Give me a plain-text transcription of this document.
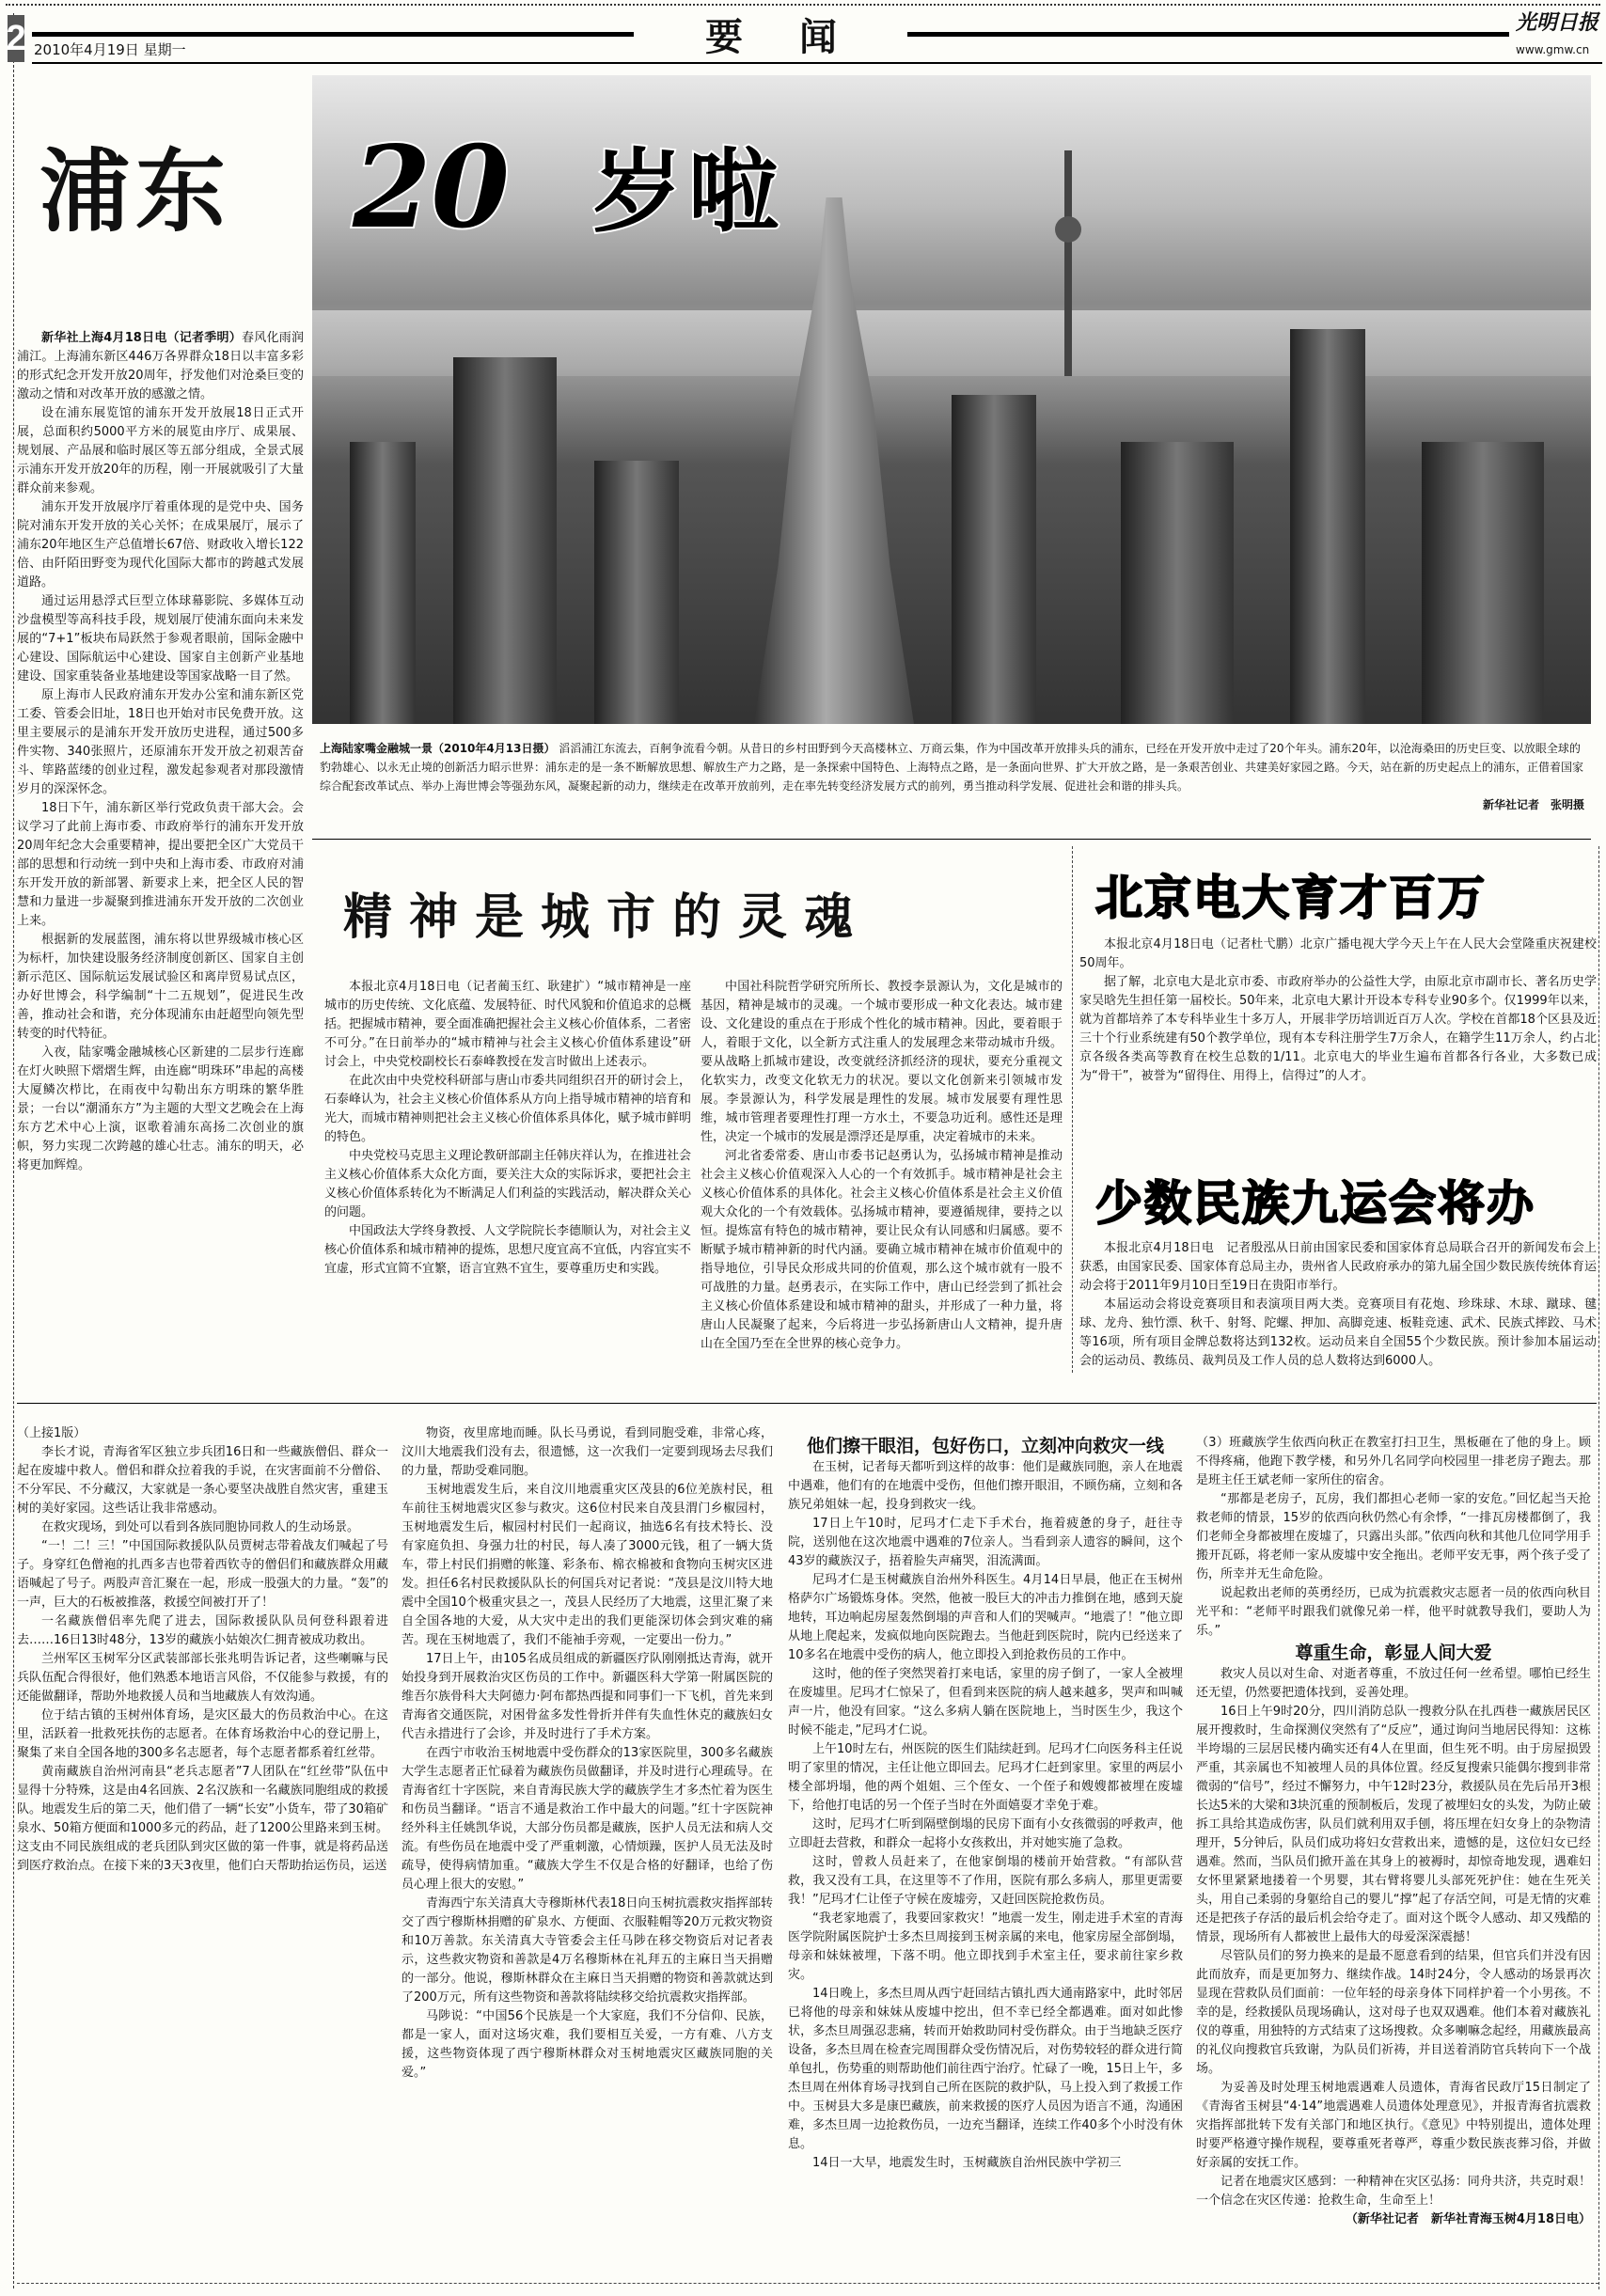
2 2010年4月19日 星期一	要闻	光明日报
www.gmw.cn
浦东 20 岁啦

新华社上海4月18日电（记者季明）春风化雨润浦江。上海浦东新区446万各界群众18日以丰富多彩的形式纪念开发开放20周年，抒发他们对沧桑巨变的激动之情和对改革开放的感激之情。

设在浦东展览馆的浦东开发开放展18日正式开展，总面积约5000平方米的展览由序厅、成果展、规划展、产品展和临时展区等五部分组成，全景式展示浦东开发开放20年的历程，刚一开展就吸引了大量群众前来参观。

浦东开发开放展序厅着重体现的是党中央、国务院对浦东开发开放的关心关怀；在成果展厅，展示了浦东20年地区生产总值增长67倍、财政收入增长122倍、由阡陌田野变为现代化国际大都市的跨越式发展道路。

通过运用悬浮式巨型立体球幕影院、多媒体互动沙盘模型等高科技手段，规划展厅使浦东面向未来发展的“7+1”板块布局跃然于参观者眼前，国际金融中心建设、国际航运中心建设、国家自主创新产业基地建设、国家重装备业基地建设等国家战略一目了然。

原上海市人民政府浦东开发办公室和浦东新区党工委、管委会旧址，18日也开始对市民免费开放。这里主要展示的是浦东开发开放历史进程，通过500多件实物、340张照片，还原浦东开发开放之初艰苦奋斗、筚路蓝缕的创业过程，激发起参观者对那段激情岁月的深深怀念。

18日下午，浦东新区举行党政负责干部大会。会议学习了此前上海市委、市政府举行的浦东开发开放20周年纪念大会重要精神，提出要把全区广大党员干部的思想和行动统一到中央和上海市委、市政府对浦东开发开放的新部署、新要求上来，把全区人民的智慧和力量进一步凝聚到推进浦东开发开放的二次创业上来。

根据新的发展蓝图，浦东将以世界级城市核心区为标杆，加快建设服务经济制度创新区、国家自主创新示范区、国际航运发展试验区和离岸贸易试点区，办好世博会，科学编制“十二五规划”，促进民生改善，推动社会和谐，充分体现浦东由赶超型向领先型转变的时代特征。

入夜，陆家嘴金融城核心区新建的二层步行连廊在灯火映照下熠熠生辉，由连廊“明珠环”串起的高楼大厦鳞次栉比，在雨夜中勾勒出东方明珠的繁华胜景；一台以“潮涌东方”为主题的大型文艺晚会在上海东方艺术中心上演，讴歌着浦东高扬二次创业的旗帜，努力实现二次跨越的雄心壮志。浦东的明天，必将更加辉煌。

上海陆家嘴金融城一景（2010年4月13日摄） 滔滔浦江东流去，百舸争流看今朝。从昔日的乡村田野到今天高楼林立、万商云集，作为中国改革开放排头兵的浦东，已经在开发开放中走过了20个年头。浦东20年，以沧海桑田的历史巨变、以放眼全球的豹勃雄心、以永无止境的创新活力昭示世界：浦东走的是一条不断解放思想、解放生产力之路，是一条探索中国特色、上海特点之路，是一条面向世界、扩大开放之路，是一条艰苦创业、共建美好家园之路。今天，站在新的历史起点上的浦东，正借着国家综合配套改革试点、举办上海世博会等强劲东风，凝聚起新的动力，继续走在改革开放前列，走在率先转变经济发展方式的前列，勇当推动科学发展、促进社会和谐的排头兵。
新华社记者　张明摄
精神是城市的灵魂

本报北京4月18日电（记者蔺玉红、耿建扩）“城市精神是一座城市的历史传统、文化底蕴、发展特征、时代风貌和价值追求的总概括。把握城市精神，要全面准确把握社会主义核心价值体系，二者密不可分。”在日前举办的“城市精神与社会主义核心价值体系建设”研讨会上，中央党校副校长石泰峰教授在发言时做出上述表示。

在此次由中央党校科研部与唐山市委共同组织召开的研讨会上，石泰峰认为，社会主义核心价值体系从方向上指导城市精神的培育和光大，而城市精神则把社会主义核心价值体系具体化，赋予城市鲜明的特色。

中央党校马克思主义理论教研部副主任韩庆祥认为，在推进社会主义核心价值体系大众化方面，要关注大众的实际诉求，要把社会主义核心价值体系转化为不断满足人们利益的实践活动，解决群众关心的问题。

中国政法大学终身教授、人文学院院长李德顺认为，对社会主义核心价值体系和城市精神的提炼，思想尺度宜高不宜低，内容宜实不宜虚，形式宜简不宜繁，语言宜熟不宜生，要尊重历史和实践。

中国社科院哲学研究所所长、教授李景源认为，文化是城市的基因，精神是城市的灵魂。一个城市要形成一种文化表达。城市建设、文化建设的重点在于形成个性化的城市精神。因此，要着眼于人，着眼于文化，以全新方式注重人的发展理念来带动城市升级。要从战略上抓城市建设，改变就经济抓经济的现状，要充分重视文化软实力，改变文化软无力的状况。要以文化创新来引领城市发展。李景源认为，科学发展是理性的发展。城市发展要有理性思维，城市管理者要理性打理一方水土，不要急功近利。感性还是理性，决定一个城市的发展是漂浮还是厚重，决定着城市的未来。

河北省委常委、唐山市委书记赵勇认为，弘扬城市精神是推动社会主义核心价值观深入人心的一个有效抓手。城市精神是社会主义核心价值体系的具体化。社会主义核心价值体系是社会主义价值观大众化的一个有效载体。弘扬城市精神，要遵循规律，要持之以恒。提炼富有特色的城市精神，要让民众有认同感和归属感。要不断赋予城市精神新的时代内涵。要确立城市精神在城市价值观中的指导地位，引导民众形成共同的价值观，那么这个城市就有一股不可战胜的力量。赵勇表示，在实际工作中，唐山已经尝到了抓社会主义核心价值体系建设和城市精神的甜头，并形成了一种力量，将唐山人民凝聚了起来，今后将进一步弘扬新唐山人文精神，提升唐山在全国乃至在全世界的核心竞争力。

北京电大育才百万

本报北京4月18日电（记者杜弋鹏）北京广播电视大学今天上午在人民大会堂隆重庆祝建校50周年。

据了解，北京电大是北京市委、市政府举办的公益性大学，由原北京市副市长、著名历史学家吴晗先生担任第一届校长。50年来，北京电大累计开设本专科专业90多个。仅1999年以来，就为首都培养了本专科毕业生十多万人，开展非学历培训近百万人次。学校在首都18个区县及近三十个行业系统建有50个教学单位，现有本专科注册学生7万余人，在籍学生11万余人，约占北京各级各类高等教育在校生总数的1/11。北京电大的毕业生遍布首都各行各业，大多数已成为“骨干”，被誉为“留得住、用得上，信得过”的人才。

少数民族九运会将办

本报北京4月18日电　记者殷泓从日前由国家民委和国家体育总局联合召开的新闻发布会上获悉，由国家民委、国家体育总局主办，贵州省人民政府承办的第九届全国少数民族传统体育运动会将于2011年9月10日至19日在贵阳市举行。

本届运动会将设竞赛项目和表演项目两大类。竞赛项目有花炮、珍珠球、木球、蹴球、毽球、龙舟、独竹漂、秋千、射弩、陀螺、押加、高脚竞速、板鞋竞速、武术、民族式摔跤、马术等16项，所有项目金牌总数将达到132枚。运动员来自全国55个少数民族。预计参加本届运动会的运动员、教练员、裁判员及工作人员的总人数将达到6000人。

（上接1版）

李长才说，青海省军区独立步兵团16日和一些藏族僧侣、群众一起在废墟中救人。僧侣和群众拉着我的手说，在灾害面前不分僧俗、不分军民、不分藏汉，大家就是一条心要坚决战胜自然灾害，重建玉树的美好家园。这些话让我非常感动。

在救灾现场，到处可以看到各族同胞协同救人的生动场景。

“一！二！三！”中国国际救援队队员贾树志带着战友们喊起了号子。身穿红色僧袍的扎西多吉也带着西钦寺的僧侣们和藏族群众用藏语喊起了号子。两股声音汇聚在一起，形成一股强大的力量。“轰”的一声，巨大的石板被推落，救援空间被打开了！

一名藏族僧侣率先爬了进去，国际救援队队员何登科跟着进去……16日13时48分，13岁的藏族小姑娘次仁拥青被成功救出。

兰州军区玉树军分区武装部部长张兆明告诉记者，这些喇嘛与民兵队伍配合得很好，他们熟悉本地语言风俗，不仅能参与救援，有的还能做翻译，帮助外地救援人员和当地藏族人有效沟通。

位于结古镇的玉树州体育场，是灾区最大的伤员救治中心。在这里，活跃着一批救死扶伤的志愿者。在体育场救治中心的登记册上，聚集了来自全国各地的300多名志愿者，每个志愿者都系着红丝带。

黄南藏族自治州河南县“老兵志愿者”7人团队在“红丝带”队伍中显得十分特殊，这是由4名回族、2名汉族和一名藏族同胞组成的救援队。地震发生后的第二天，他们借了一辆“长安”小货车，带了30箱矿泉水、50箱方便面和1000多元的药品，赶了1200公里路来到玉树。这支由不同民族组成的老兵团队到灾区做的第一件事，就是将药品送到医疗救治点。在接下来的3天3夜里，他们白天帮助抬运伤员，运送

物资，夜里席地而睡。队长马勇说，看到同胞受难，非常心疼，汶川大地震我们没有去，很遗憾，这一次我们一定要到现场去尽我们的力量，帮助受难同胞。

玉树地震发生后，来自汶川地震重灾区茂县的6位羌族村民，租车前往玉树地震灾区参与救灾。这6位村民来自茂县渭门乡椒园村，玉树地震发生后，椒园村村民们一起商议，抽选6名有技术特长、没有家庭负担、身强力壮的村民，每人凑了3000元钱，租了一辆大货车，带上村民们捐赠的帐篷、彩条布、棉衣棉被和食物向玉树灾区进发。担任6名村民救援队队长的何国兵对记者说：“茂县是汶川特大地震中全国10个极重灾县之一，茂县人民经历了大地震，这里汇聚了来自全国各地的大爱，从大灾中走出的我们更能深切体会到灾难的痛苦。现在玉树地震了，我们不能袖手旁观，一定要出一份力。”

17日上午，由105名成员组成的新疆医疗队刚刚抵达青海，就开始投身到开展救治灾区伤员的工作中。新疆医科大学第一附属医院的维吾尔族骨科大夫阿德力·阿布都热西提和同事们一下飞机，首先来到青海省交通医院，对困骨盆多发性骨折并伴有失血性休克的藏族妇女代吉永措进行了会诊，并及时进行了手术方案。

在西宁市收治玉树地震中受伤群众的13家医院里，300多名藏族大学生志愿者正忙碌着为藏族伤员做翻译，并及时进行心理疏导。在青海省红十字医院，来自青海民族大学的藏族学生才多杰忙着为医生和伤员当翻译。“语言不通是救治工作中最大的问题。”红十字医院神经外科主任姚凯华说，大部分伤员都是藏族，医护人员无法和病人交流。有些伤员在地震中受了严重刺激，心情烦躁，医护人员无法及时疏导，使得病情加重。“藏族大学生不仅是合格的好翻译，也给了伤员心理上很大的安慰。”

青海西宁东关清真大寺穆斯林代表18日向玉树抗震救灾指挥部转交了西宁穆斯林捐赠的矿泉水、方便面、衣服鞋帽等20万元救灾物资和10万善款。东关清真大寺管委会主任马陟在移交物资后对记者表示，这些救灾物资和善款是4万名穆斯林在礼拜五的主麻日当天捐赠的一部分。他说，穆斯林群众在主麻日当天捐赠的物资和善款就达到了200万元，所有这些物资和善款将陆续移交给抗震救灾指挥部。

马陟说：“中国56个民族是一个大家庭，我们不分信仰、民族，都是一家人，面对这场灾难，我们要相互关爱，一方有难、八方支援，这些物资体现了西宁穆斯林群众对玉树地震灾区藏族同胞的关爱。”

他们擦干眼泪，包好伤口，立刻冲向救灾一线

在玉树，记者每天都听到这样的故事：他们是藏族同胞，亲人在地震中遇难，他们有的在地震中受伤，但他们擦开眼泪，不顾伤痛，立刻和各族兄弟姐妹一起，投身到救灾一线。

17日上午10时，尼玛才仁走下手术台，拖着疲惫的身子，赶往寺院，送别他在这次地震中遇难的7位亲人。当看到亲人遗容的瞬间，这个43岁的藏族汉子，捂着脸失声痛哭，泪流满面。

尼玛才仁是玉树藏族自治州外科医生。4月14日早晨，他正在玉树州格萨尔广场锻炼身体。突然，他被一股巨大的冲击力推倒在地，感到天旋地转，耳边响起房屋轰然倒塌的声音和人们的哭喊声。“地震了！”他立即从地上爬起来，发疯似地向医院跑去。当他赶到医院时，院内已经送来了10多名在地震中受伤的病人，他立即投入到抢救伤员的工作中。

这时，他的侄子突然哭着打来电话，家里的房子倒了，一家人全被埋在废墟里。尼玛才仁惊呆了，但看到来医院的病人越来越多，哭声和叫喊声一片，他没有回家。“这么多病人躺在医院地上，当时医生少，我这个时候不能走，”尼玛才仁说。

上午10时左右，州医院的医生们陆续赶到。尼玛才仁向医务科主任说明了家里的情况，主任让他立即回去。尼玛才仁赶到家里。家里的两层小楼全部坍塌，他的两个姐姐、三个侄女、一个侄子和嫂嫂都被埋在废墟下，给他打电话的另一个侄子当时在外面嬉耍才幸免于难。

这时，尼玛才仁听到隔壁倒塌的民房下面有小女孩微弱的呼救声，他立即赶去营救，和群众一起将小女孩救出，并对她实施了急救。

这时，曾救人员赶来了，在他家倒塌的楼前开始营救。“有部队营救，我又没有工具，在这里等不了作用，医院有那么多病人，那里更需要我！”尼玛才仁让侄子守候在废墟旁，又赶回医院抢救伤员。

“我老家地震了，我要回家救灾！”地震一发生，刚走进手术室的青海医学院附属医院护士多杰旦周接到玉树亲属的来电，他家房屋全部倒塌，母亲和妹妹被埋，下落不明。他立即找到手术室主任，要求前往家乡救灾。

14日晚上，多杰旦周从西宁赶回结古镇扎西大通南路家中，此时邻居已将他的母亲和妹妹从废墟中挖出，但不幸已经全都遇难。面对如此惨状，多杰旦周强忍悲痛，转而开始救助同村受伤群众。由于当地缺乏医疗设备，多杰旦周在检查完周围群众受伤情况后，对伤势较轻的群众进行简单包扎，伤势重的则帮助他们前往西宁治疗。忙碌了一晚，15日上午，多杰旦周在州体育场寻找到自己所在医院的救护队，马上投入到了救援工作中。玉树县大多是康巴藏族，前来救援的医疗人员因为语言不通，沟通困难，多杰旦周一边抢救伤员，一边充当翻译，连续工作40多个小时没有休息。

14日一大早，地震发生时，玉树藏族自治州民族中学初三

（3）班藏族学生依西向秋正在教室打扫卫生，黑板砸在了他的身上。顾不得疼痛，他跑下教学楼，和另外几名同学向校园里一排老房子跑去。那是班主任王斌老师一家所住的宿舍。

“那都是老房子，瓦房，我们都担心老师一家的安危。”回忆起当天抢救老师的情景，15岁的依西向秋仍然心有余悸，“一排瓦房楼都倒了，我们老师全身都被埋在废墟了，只露出头部。”依西向秋和其他几位同学用手搬开瓦砾，将老师一家从废墟中安全拖出。老师平安无事，两个孩子受了伤，所幸并无生命危险。

说起救出老师的英勇经历，已成为抗震救灾志愿者一员的依西向秋目光平和：“老师平时跟我们就像兄弟一样，他平时就教导我们，要助人为乐。”

尊重生命，彰显人间大爱

救灾人员以对生命、对逝者尊重，不放过任何一丝希望。哪怕已经生还无望，仍然要把遗体找到，妥善处理。

16日上午9时20分，四川消防总队一搜救分队在扎西巷一藏族居民区展开搜救时，生命探测仪突然有了“反应”，通过询问当地居民得知：这栋半垮塌的三层居民楼内确实还有4人在里面，但生死不明。由于房屋损毁严重，其亲属也不知被埋人员的具体位置。经反复搜索只能偶尔搜到非常微弱的“信号”，经过不懈努力，中午12时23分，救援队员在先后吊开3根长达5米的大梁和3块沉重的预制板后，发现了被埋妇女的头发，为防止破拆工具给其造成伤害，队员们就利用双手刨，将压埋在妇女身上的杂物清理开，5分钟后，队员们成功将妇女营救出来，遗憾的是，这位妇女已经遇难。然而，当队员们掀开盖在其身上的被褥时，却惊奇地发现，遇难妇女怀里紧紧地搂着一个男婴，其右臂将婴儿头部死死护住：她在生死关头，用自己柔弱的身躯给自己的婴儿“撑”起了存活空间，可是无情的灾难还是把孩子存活的最后机会给夺走了。面对这个既令人感动、却又残酷的情景，现场所有人都被世上最伟大的母爱深深震撼！

尽管队员们的努力换来的是最不愿意看到的结果，但官兵们并没有因此而放弃，而是更加努力、继续作战。14时24分，令人感动的场景再次显现在营救队员们面前：一位年轻的母亲身体下同样护着一个小男孩。不幸的是，经救援队员现场确认，这对母子也双双遇难。他们本着对藏族礼仪的尊重，用独特的方式结束了这场搜救。众多喇嘛念起经，用藏族最高的礼仪向搜救官兵致谢，为队员们祈祷，并目送着消防官兵转向下一个战场。

为妥善及时处理玉树地震遇难人员遗体，青海省民政厅15日制定了《青海省玉树县“4·14”地震遇难人员遗体处理意见》，并报青海省抗震救灾指挥部批转下发有关部门和地区执行。《意见》中特别提出，遗体处理时要严格遵守操作规程，要尊重死者尊严，尊重少数民族丧葬习俗，并做好亲属的安抚工作。

记者在地震灾区感到：一种精神在灾区弘扬：同舟共济，共克时艰！一个信念在灾区传递：抢救生命，生命至上！

（新华社记者　新华社青海玉树4月18日电）
